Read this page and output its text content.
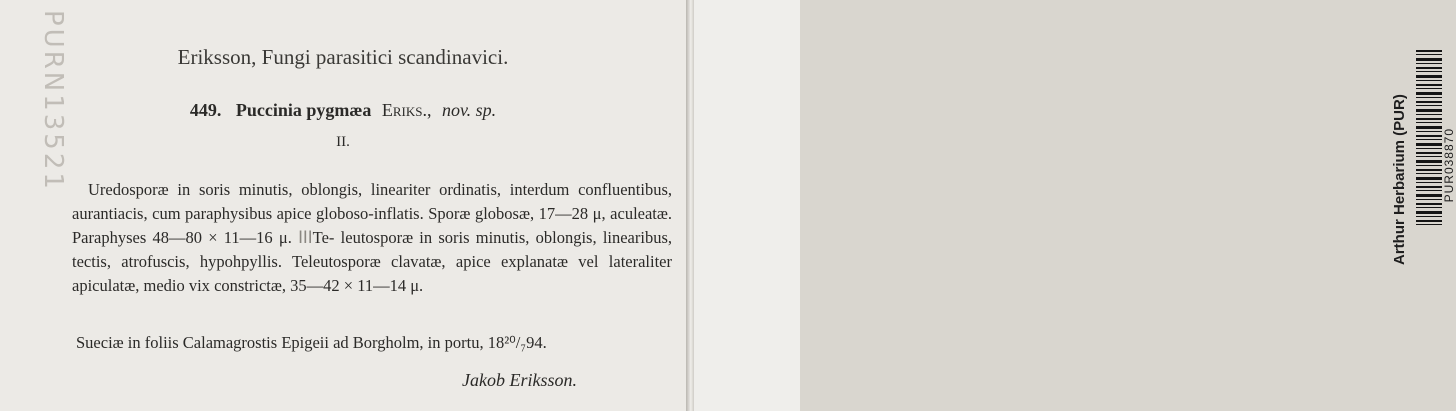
PURN13521	Eriksson, Fungi parasitici scandinavici.
449. Puccinia pygmæa Eriks., nov. sp.
II.

Uredosporæ in soris minutis, oblongis, lineariter ordinatis, interdum confluentibus, aurantiacis, cum paraphysibus apice globoso-inflatis. Sporæ globosæ, 17—28 μ, aculeatæ. Paraphyses 48—80 × 11—16 μ. IIITe- leutosporæ in soris minutis, oblongis, linearibus, tectis, atrofuscis, hypohpyllis. Teleutosporæ clavatæ, apice explanatæ vel lateraliter apiculatæ, medio vix constrictæ, 35—42 × 11—14 μ.

Sueciæ in foliis Calamagrostis Epigeii ad Borgholm, in portu, 18²⁰/₇94.
Jakob Eriksson.
Arthur Herbarium (PUR)	PUR038870
